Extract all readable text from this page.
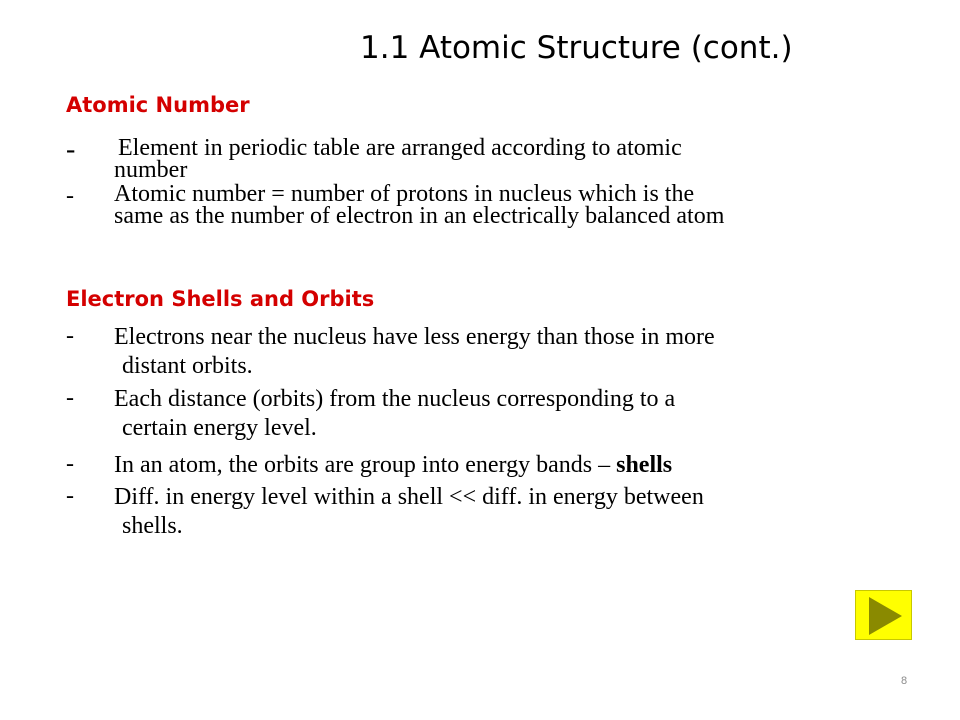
1.1 Atomic Structure (cont.)
Atomic Number
-	Element in periodic table are arranged according to atomic
number
-	Atomic number = number of protons in nucleus which is the
same as the number of electron in an electrically balanced atom
Electron Shells and Orbits
-	Electrons near the nucleus have less energy than those in more
distant orbits.
-	Each distance (orbits) from the nucleus corresponding to a
certain energy level.
-	In an atom, the orbits are group into energy bands – shells
-	Diff. in energy level within a shell << diff. in energy between
shells.
8
